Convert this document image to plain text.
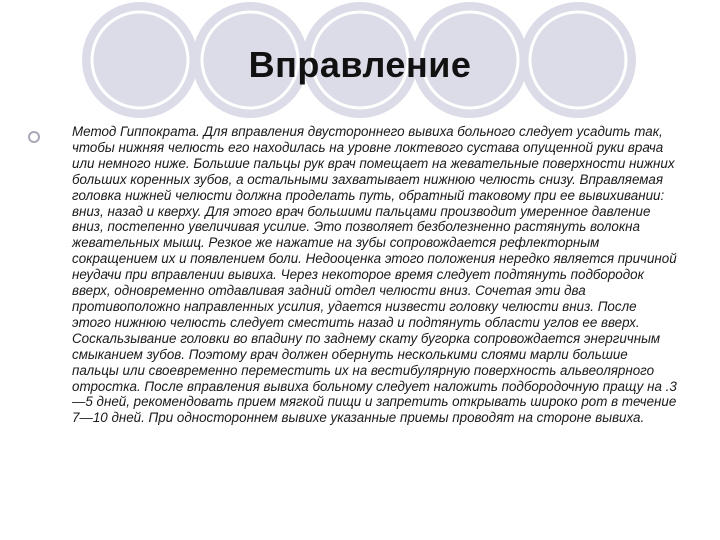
Вправление
Метод Гиппократа. Для вправления двустороннего вывиха больного следует усадить так, чтобы нижняя челюсть его находилась на уровне локтевого сустава опущенной руки врача или немного ниже. Большие пальцы рук врач помещает на жевательные поверхности нижних больших коренных зубов, а остальными захватывает нижнюю челюсть снизу. Вправляемая головка нижней челюсти должна проделать путь, обратный таковому при ее вывихивании: вниз, назад и кверху. Для этого врач большими пальцами производит умеренное давление вниз, постепенно увеличивая усилие. Это позволяет безболезненно растянуть волокна жевательных мышц. Резкое же нажатие на зубы сопровождается рефлекторным сокращением их и появлением боли. Недооценка этого положения нередко является причиной неудачи при вправлении вывиха. Через некоторое время следует подтянуть подбородок вверх, одновременно отдавливая задний отдел челюсти вниз. Сочетая эти два противоположно направленных усилия, удается низвести головку челюсти вниз. После этого нижнюю челюсть следует сместить назад и подтянуть области углов ее вверх. Соскальзывание головки во впадину по заднему скату бугорка сопровождается энергичным смыканием зубов. Поэтому врач должен обернуть несколькими слоями марли большие пальцы или своевременно переместить их на вестибулярную поверхность альвеолярного отростка. После вправления вывиха больному следует наложить подбородочную пращу на .3—5 дней, рекомендовать прием мягкой пищи и запретить открывать широко рот в течение 7—10 дней. При одностороннем вывихе указанные приемы проводят на стороне вывиха.
